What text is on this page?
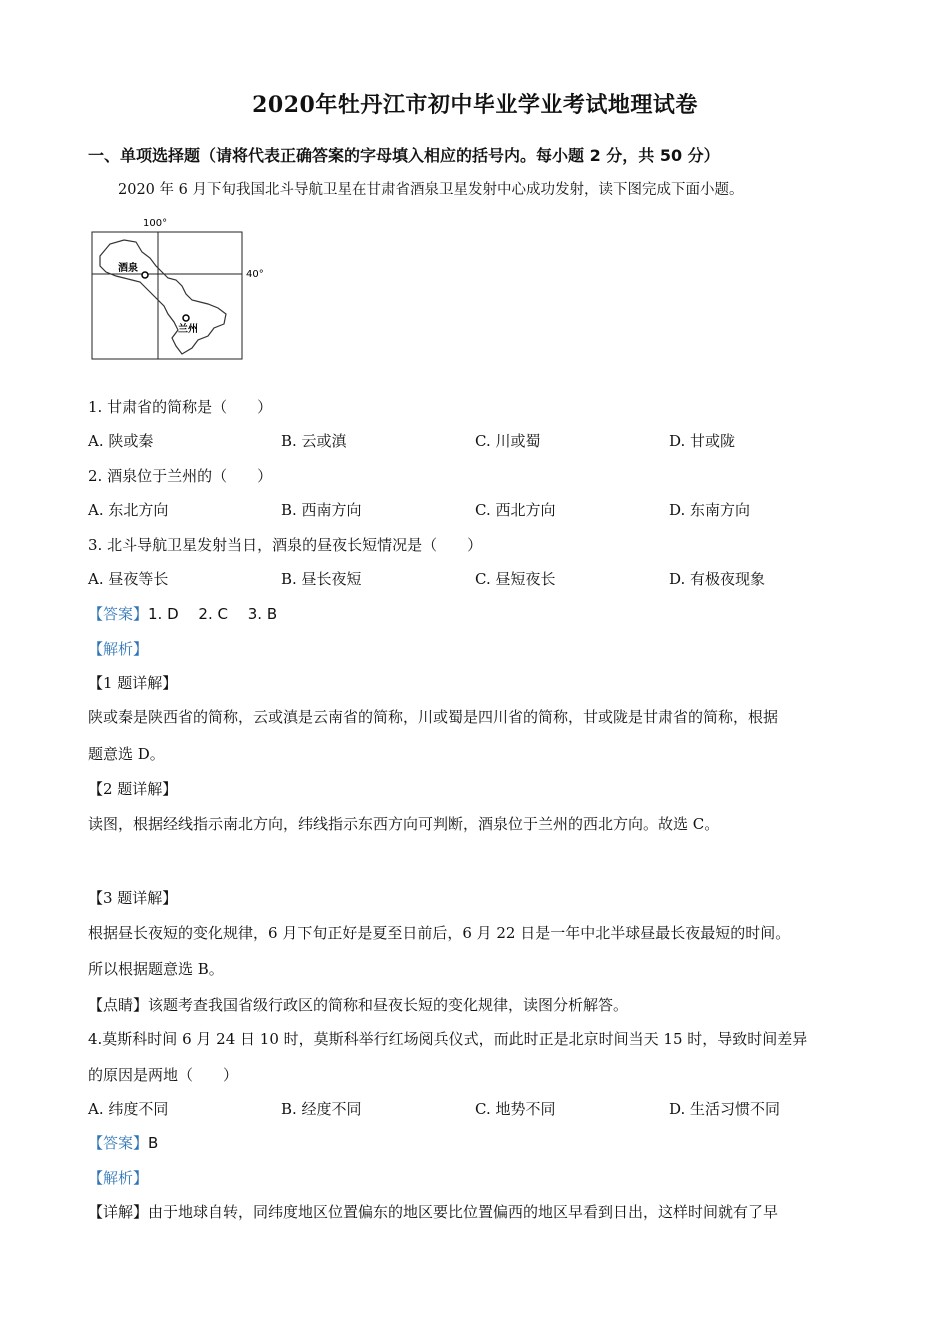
2020年牡丹江市初中毕业学业考试地理试卷
一、单项选择题（请将代表正确答案的字母填入相应的括号内。每小题 2 分，共 50 分）
2020 年 6 月下旬我国北斗导航卫星在甘肃省酒泉卫星发射中心成功发射，读下图完成下面小题。
100°
40°
酒泉
兰州
1. 甘肃省的简称是（　　）
A. 陕或秦	B. 云或滇	C. 川或蜀	D. 甘或陇
2. 酒泉位于兰州的（　　）
A. 东北方向	B. 西南方向	C. 西北方向	D. 东南方向
3. 北斗导航卫星发射当日，酒泉的昼夜长短情况是（　　）
A. 昼夜等长	B. 昼长夜短	C. 昼短夜长	D. 有极夜现象
【答案】1. D　 2. C　 3. B
【解析】
【1 题详解】
陕或秦是陕西省的简称，云或滇是云南省的简称，川或蜀是四川省的简称，甘或陇是甘肃省的简称，根据
题意选 D。
【2 题详解】
读图，根据经线指示南北方向，纬线指示东西方向可判断，酒泉位于兰州的西北方向。故选 C。
【3 题详解】
根据昼长夜短的变化规律，6 月下旬正好是夏至日前后，6 月 22 日是一年中北半球昼最长夜最短的时间。
所以根据题意选 B。
【点睛】该题考查我国省级行政区的简称和昼夜长短的变化规律，读图分析解答。
4.莫斯科时间 6 月 24 日 10 时，莫斯科举行红场阅兵仪式，而此时正是北京时间当天 15 时，导致时间差异
的原因是两地（　　）
A. 纬度不同	B. 经度不同	C. 地势不同	D. 生活习惯不同
【答案】B
【解析】
【详解】由于地球自转，同纬度地区位置偏东的地区要比位置偏西的地区早看到日出，这样时间就有了早
